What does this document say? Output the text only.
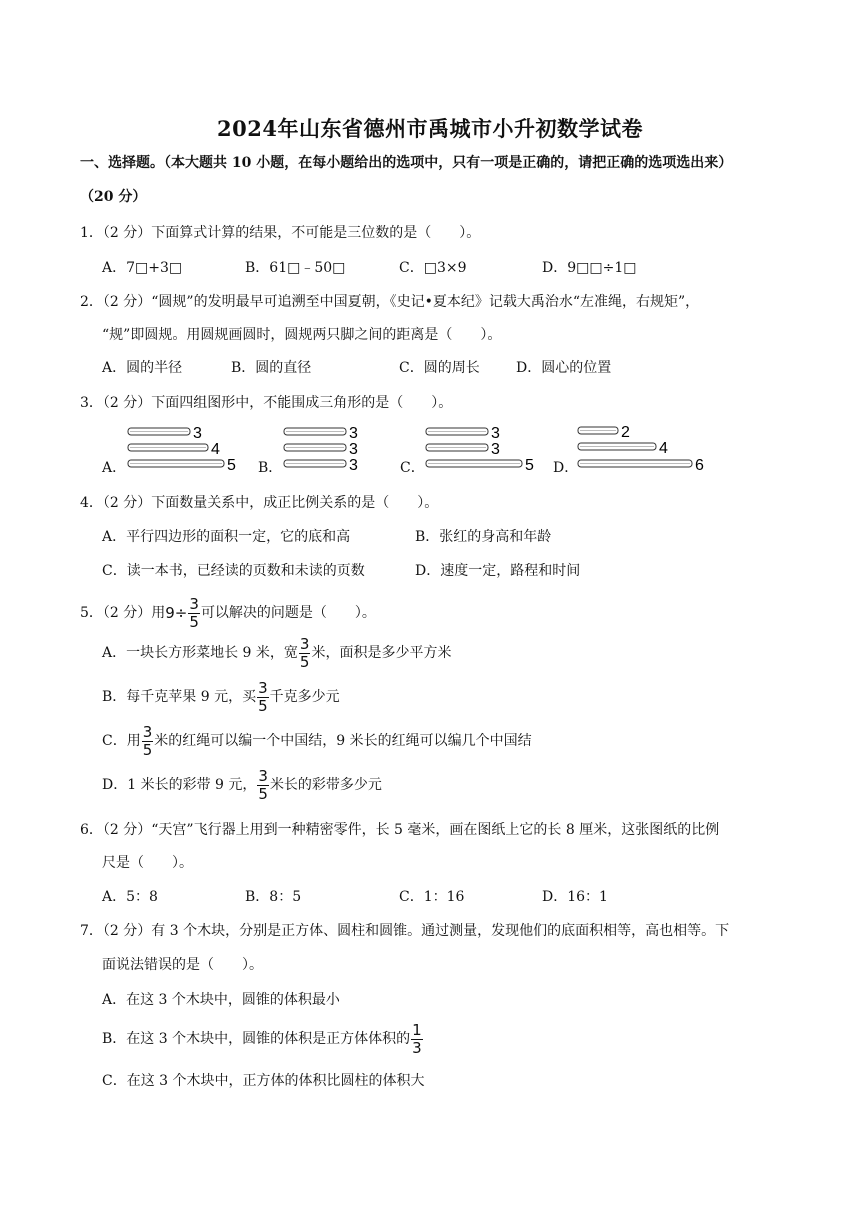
2024年山东省德州市禹城市小升初数学试卷
一、选择题。（本大题共 10 小题，在每小题给出的选项中，只有一项是正确的，请把正确的选项选出来）
（20 分）
1．（2 分）下面算式计算的结果，不可能是三位数的是（　　）。
A．7□+3□	B．61□﹣50□	C．□3×9	D．9□□÷1□
2．（2 分）“圆规”的发明最早可追溯至中国夏朝，《史记•夏本纪》记载大禹治水“左准绳，右规矩”，
“规”即圆规。用圆规画圆时，圆规两只脚之间的距离是（　　）。
A．圆的半径	B．圆的直径	C．圆的周长	D．圆心的位置
3．（2 分）下面四组图形中，不能围成三角形的是（　　）。
A．
3
4
5 B．
3
3
3	C．
3
3
5 D．
2
4
6
4．（2 分）下面数量关系中，成正比例关系的是（　　）。
A．平行四边形的面积一定，它的底和高	B．张红的身高和年龄
C．读一本书，已经读的页数和未读的页数	D．速度一定，路程和时间
5．（2 分）用$9\div \frac{3}{5}$ 可以解决的问题是（　　）。
A．一块长方形菜地长 9 米，宽 $\frac{3}{5}$ 米，面积是多少平方米
B．每千克苹果 9 元，买 $\frac{3}{5}$ 千克多少元
C．用 $\frac{3}{5}$ 米的红绳可以编一个中国结，9 米长的红绳可以编几个中国结
D．1 米长的彩带 9 元， $\frac{3}{5}$ 米长的彩带多少元
6．（2 分）“天宫”飞行器上用到一种精密零件，长 5 毫米，画在图纸上它的长 8 厘米，这张图纸的比例
尺是（　　）。
A．5：8	B．8：5	C．1：16	D．16：1
7．（2 分）有 3 个木块，分别是正方体、圆柱和圆锥。通过测量，发现他们的底面积相等，高也相等。下
面说法错误的是（　　）。
A．在这 3 个木块中，圆锥的体积最小
B．在这 3 个木块中，圆锥的体积是正方体体积的 $\frac{1}{3}$
C．在这 3 个木块中，正方体的体积比圆柱的体积大
